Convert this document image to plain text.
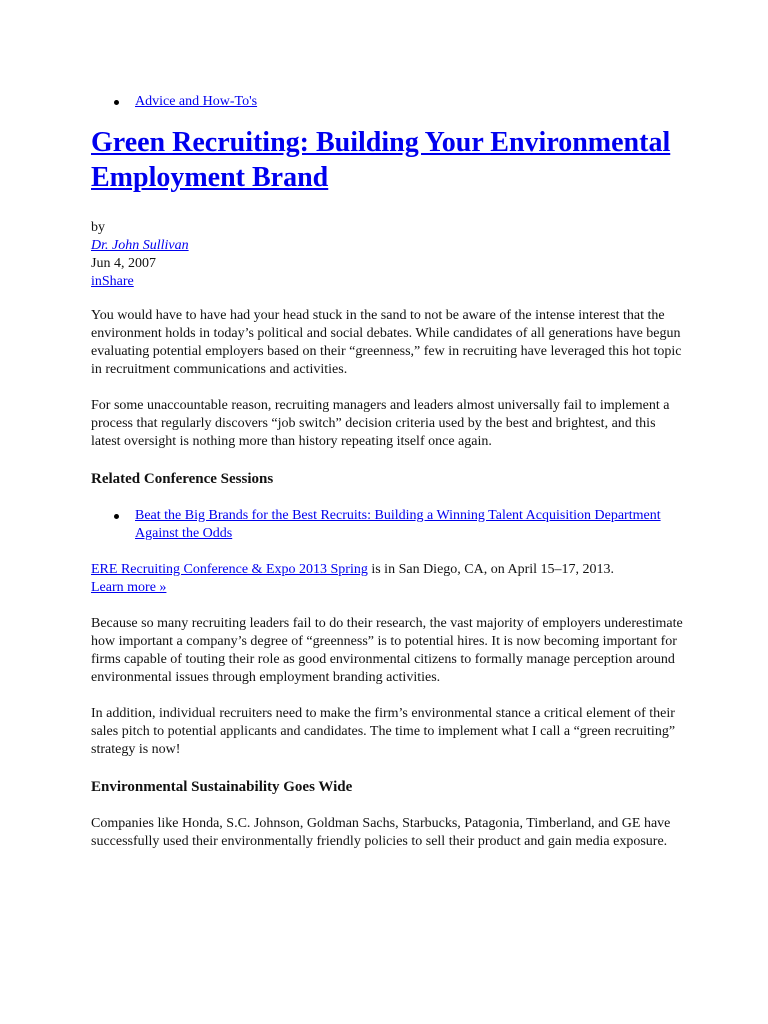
Advice and How-To's
Green Recruiting: Building Your Environmental Employment Brand
by
Dr. John Sullivan
Jun 4, 2007
inShare

You would have to have had your head stuck in the sand to not be aware of the intense interest that the environment holds in today’s political and social debates. While candidates of all generations have begun evaluating potential employers based on their “greenness,” few in recruiting have leveraged this hot topic in recruitment communications and activities.

For some unaccountable reason, recruiting managers and leaders almost universally fail to implement a process that regularly discovers “job switch” decision criteria used by the best and brightest, and this latest oversight is nothing more than history repeating itself once again.

Related Conference Sessions
Beat the Big Brands for the Best Recruits: Building a Winning Talent Acquisition Department Against the Odds
ERE Recruiting Conference & Expo 2013 Spring is in San Diego, CA, on April 15–17, 2013.
Learn more »

Because so many recruiting leaders fail to do their research, the vast majority of employers underestimate how important a company’s degree of “greenness” is to potential hires. It is now becoming important for firms capable of touting their role as good environmental citizens to formally manage perception around environmental issues through employment branding activities.

In addition, individual recruiters need to make the firm’s environmental stance a critical element of their sales pitch to potential applicants and candidates. The time to implement what I call a “green recruiting” strategy is now!

Environmental Sustainability Goes Wide

Companies like Honda, S.C. Johnson, Goldman Sachs, Starbucks, Patagonia, Timberland, and GE have successfully used their environmentally friendly policies to sell their product and gain media exposure.
